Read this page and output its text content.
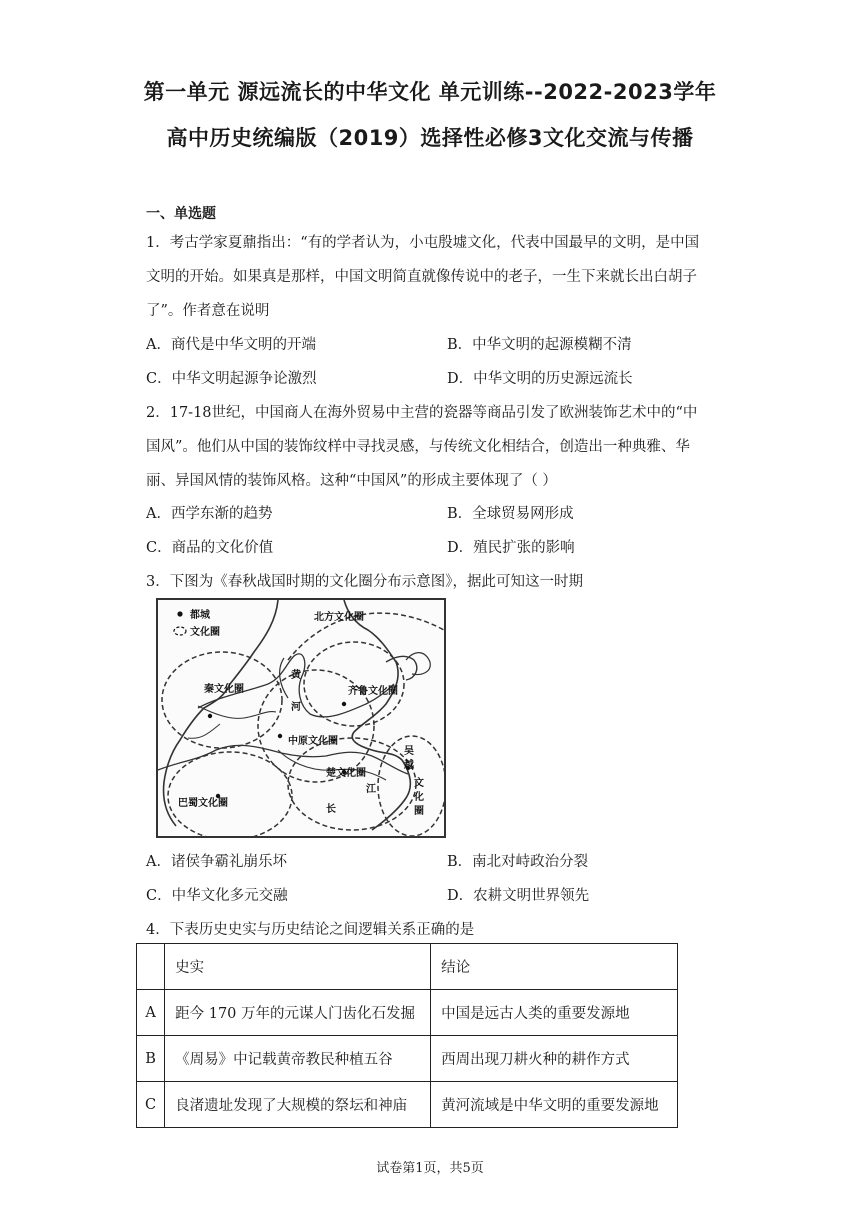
第一单元 源远流长的中华文化 单元训练--2022-2023学年
高中历史统编版（2019）选择性必修3文化交流与传播
一、单选题
1．考古学家夏鼐指出：“有的学者认为，小屯殷墟文化，代表中国最早的文明，是中国
文明的开始。如果真是那样，中国文明简直就像传说中的老子，一生下来就长出白胡子
了”。作者意在说明
A．商代是中华文明的开端	B．中华文明的起源模糊不清
C．中华文明起源争论激烈	D．中华文明的历史源远流长
2．17-18世纪，中国商人在海外贸易中主营的瓷器等商品引发了欧洲装饰艺术中的“中
国风”。他们从中国的装饰纹样中寻找灵感，与传统文化相结合，创造出一种典雅、华
丽、异国风情的装饰风格。这种“中国风”的形成主要体现了（ ）
A．西学东渐的趋势	B．全球贸易网形成
C．商品的文化价值	D．殖民扩张的影响
3．下图为《春秋战国时期的文化圈分布示意图》，据此可知这一时期
都城
文化圈
北方文化圈
秦文化圈	齐鲁文化圈
中原文化圈
楚文化圈
巴蜀文化圈
吴
越
文
化
圈
黄
河
长
江
A．诸侯争霸礼崩乐坏	B．南北对峙政治分裂
C．中华文化多元交融	D．农耕文明世界领先
4．下表历史史实与历史结论之间逻辑关系正确的是
	史实	结论
A	距今 170 万年的元谋人门齿化石发掘	中国是远古人类的重要发源地
B	《周易》中记载黄帝教民种植五谷	西周出现刀耕火种的耕作方式
C	良渚遗址发现了大规模的祭坛和神庙	黄河流域是中华文明的重要发源地
试卷第1页，共5页
